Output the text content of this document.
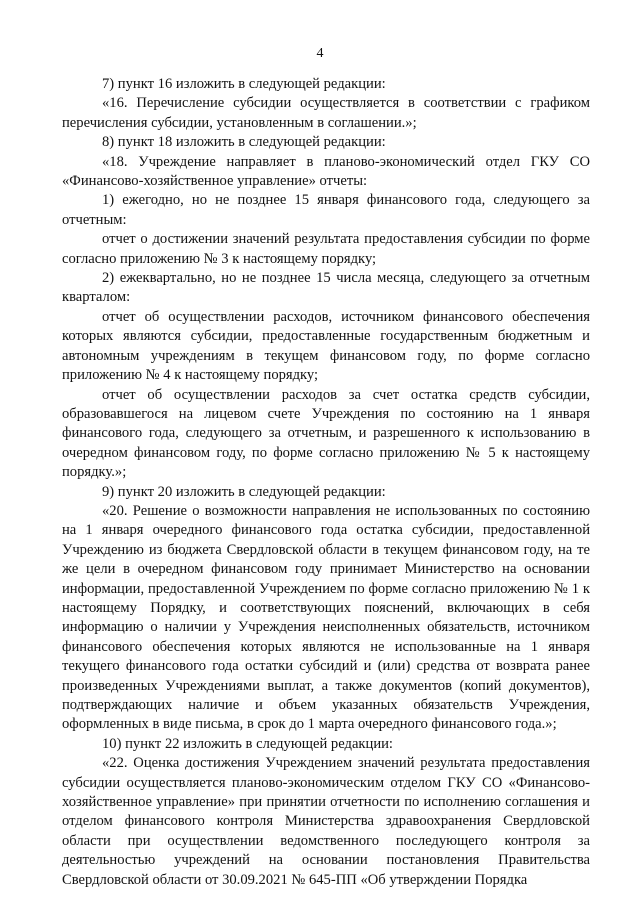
4

7) пункт 16 изложить в следующей редакции:

«16. Перечисление субсидии осуществляется в соответствии с графиком перечисления субсидии, установленным в соглашении.»;

8) пункт 18 изложить в следующей редакции:

«18. Учреждение направляет в планово-экономический отдел ГКУ СО «Финансово-хозяйственное управление» отчеты:

1) ежегодно, но не позднее 15 января финансового года, следующего за отчетным:

отчет о достижении значений результата предоставления субсидии по форме согласно приложению № 3 к настоящему порядку;

2) ежеквартально, но не позднее 15 числа месяца, следующего за отчетным кварталом:

отчет об осуществлении расходов, источником финансового обеспечения которых являются субсидии, предоставленные государственным бюджетным и автономным учреждениям в текущем финансовом году, по форме согласно приложению № 4 к настоящему порядку;

отчет об осуществлении расходов за счет остатка средств субсидии, образовавшегося на лицевом счете Учреждения по состоянию на 1 января финансового года, следующего за отчетным, и разрешенного к использованию в очередном финансовом году, по форме согласно приложению № 5 к настоящему порядку.»;

9) пункт 20 изложить в следующей редакции:

«20. Решение о возможности направления не использованных по состоянию на 1 января очередного финансового года остатка субсидии, предоставленной Учреждению из бюджета Свердловской области в текущем финансовом году, на те же цели в очередном финансовом году принимает Министерство на основании информации, предоставленной Учреждением по форме согласно приложению № 1 к настоящему Порядку, и соответствующих пояснений, включающих в себя информацию о наличии у Учреждения неисполненных обязательств, источником финансового обеспечения которых являются не использованные на 1 января текущего финансового года остатки субсидий и (или) средства от возврата ранее произведенных Учреждениями выплат, а также документов (копий документов), подтверждающих наличие и объем указанных обязательств Учреждения, оформленных в виде письма, в срок до 1 марта очередного финансового года.»;

10) пункт 22 изложить в следующей редакции:

«22. Оценка достижения Учреждением значений результата предоставления субсидии осуществляется планово-экономическим отделом ГКУ СО «Финансово-хозяйственное управление» при принятии отчетности по исполнению соглашения и отделом финансового контроля Министерства здравоохранения Свердловской области при осуществлении ведомственного последующего контроля за деятельностью учреждений на основании постановления Правительства Свердловской области от 30.09.2021 № 645-ПП «Об утверждении Порядка
